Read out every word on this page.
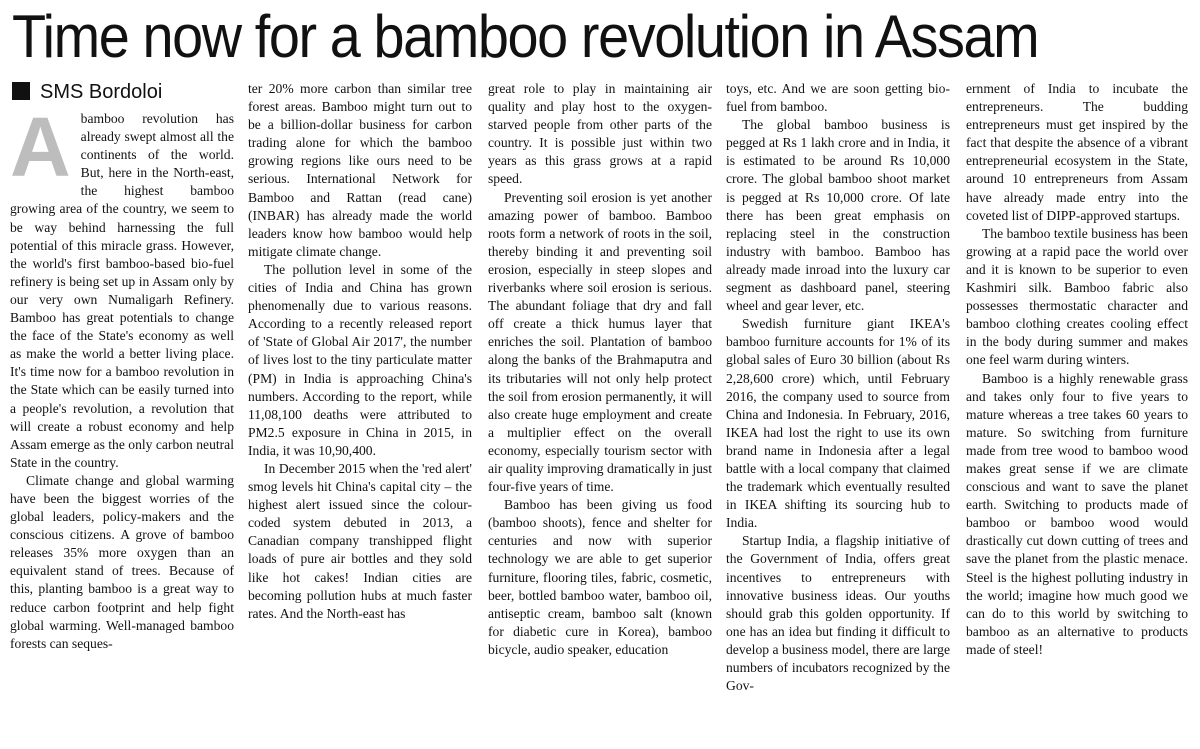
Time now for a bamboo revolution in Assam
SMS Bordoloi
A bamboo revolution has already swept almost all the continents of the world. But, here in the North-east, the highest bamboo growing area of the country, we seem to be way behind harnessing the full potential of this miracle grass. However, the world's first bamboo-based bio-fuel refinery is being set up in Assam only by our very own Numaligarh Refinery. Bamboo has great potentials to change the face of the State's economy as well as make the world a better living place. It's time now for a bamboo revolution in the State which can be easily turned into a people's revolution, a revolution that will create a robust economy and help Assam emerge as the only carbon neutral State in the country.

Climate change and global warming have been the biggest worries of the global leaders, policy-makers and the conscious citizens. A grove of bamboo releases 35% more oxygen than an equivalent stand of trees. Because of this, planting bamboo is a great way to reduce carbon footprint and help fight global warming. Well-managed bamboo forests can seques-

ter 20% more carbon than similar tree forest areas. Bamboo might turn out to be a billion-dollar business for carbon trading alone for which the bamboo growing regions like ours need to be serious. International Network for Bamboo and Rattan (read cane) (INBAR) has already made the world leaders know how bamboo would help mitigate climate change.

The pollution level in some of the cities of India and China has grown phenomenally due to various reasons. According to a recently released report of 'State of Global Air 2017', the number of lives lost to the tiny particulate matter (PM) in India is approaching China's numbers. According to the report, while 11,08,100 deaths were attributed to PM2.5 exposure in China in 2015, in India, it was 10,90,400.

In December 2015 when the 'red alert' smog levels hit China's capital city – the highest alert issued since the colour-coded system debuted in 2013, a Canadian company transhipped flight loads of pure air bottles and they sold like hot cakes! Indian cities are becoming pollution hubs at much faster rates. And the North-east has

great role to play in maintaining air quality and play host to the oxygen-starved people from other parts of the country. It is possible just within two years as this grass grows at a rapid speed.

Preventing soil erosion is yet another amazing power of bamboo. Bamboo roots form a network of roots in the soil, thereby binding it and preventing soil erosion, especially in steep slopes and riverbanks where soil erosion is serious. The abundant foliage that dry and fall off create a thick humus layer that enriches the soil. Plantation of bamboo along the banks of the Brahmaputra and its tributaries will not only help protect the soil from erosion permanently, it will also create huge employment and create a multiplier effect on the overall economy, especially tourism sector with air quality improving dramatically in just four-five years of time.

Bamboo has been giving us food (bamboo shoots), fence and shelter for centuries and now with superior technology we are able to get superior furniture, flooring tiles, fabric, cosmetic, beer, bottled bamboo water, bamboo oil, antiseptic cream, bamboo salt (known for diabetic cure in Korea), bamboo bicycle, audio speaker, education

toys, etc. And we are soon getting bio-fuel from bamboo.

The global bamboo business is pegged at Rs 1 lakh crore and in India, it is estimated to be around Rs 10,000 crore. The global bamboo shoot market is pegged at Rs 10,000 crore. Of late there has been great emphasis on replacing steel in the construction industry with bamboo. Bamboo has already made inroad into the luxury car segment as dashboard panel, steering wheel and gear lever, etc.

Swedish furniture giant IKEA's bamboo furniture accounts for 1% of its global sales of Euro 30 billion (about Rs 2,28,600 crore) which, until February 2016, the company used to source from China and Indonesia. In February, 2016, IKEA had lost the right to use its own brand name in Indonesia after a legal battle with a local company that claimed the trademark which eventually resulted in IKEA shifting its sourcing hub to India.

Startup India, a flagship initiative of the Government of India, offers great incentives to entrepreneurs with innovative business ideas. Our youths should grab this golden opportunity. If one has an idea but finding it difficult to develop a business model, there are large numbers of incubators recognized by the Gov-

ernment of India to incubate the entrepreneurs. The budding entrepreneurs must get inspired by the fact that despite the absence of a vibrant entrepreneurial ecosystem in the State, around 10 entrepreneurs from Assam have already made entry into the coveted list of DIPP-approved startups.

The bamboo textile business has been growing at a rapid pace the world over and it is known to be superior to even Kashmiri silk. Bamboo fabric also possesses thermostatic character and bamboo clothing creates cooling effect in the body during summer and makes one feel warm during winters.

Bamboo is a highly renewable grass and takes only four to five years to mature whereas a tree takes 60 years to mature. So switching from furniture made from tree wood to bamboo wood makes great sense if we are climate conscious and want to save the planet earth. Switching to products made of bamboo or bamboo wood would drastically cut down cutting of trees and save the planet from the plastic menace. Steel is the highest polluting industry in the world; imagine how much good we can do to this world by switching to bamboo as an alternative to products made of steel!
